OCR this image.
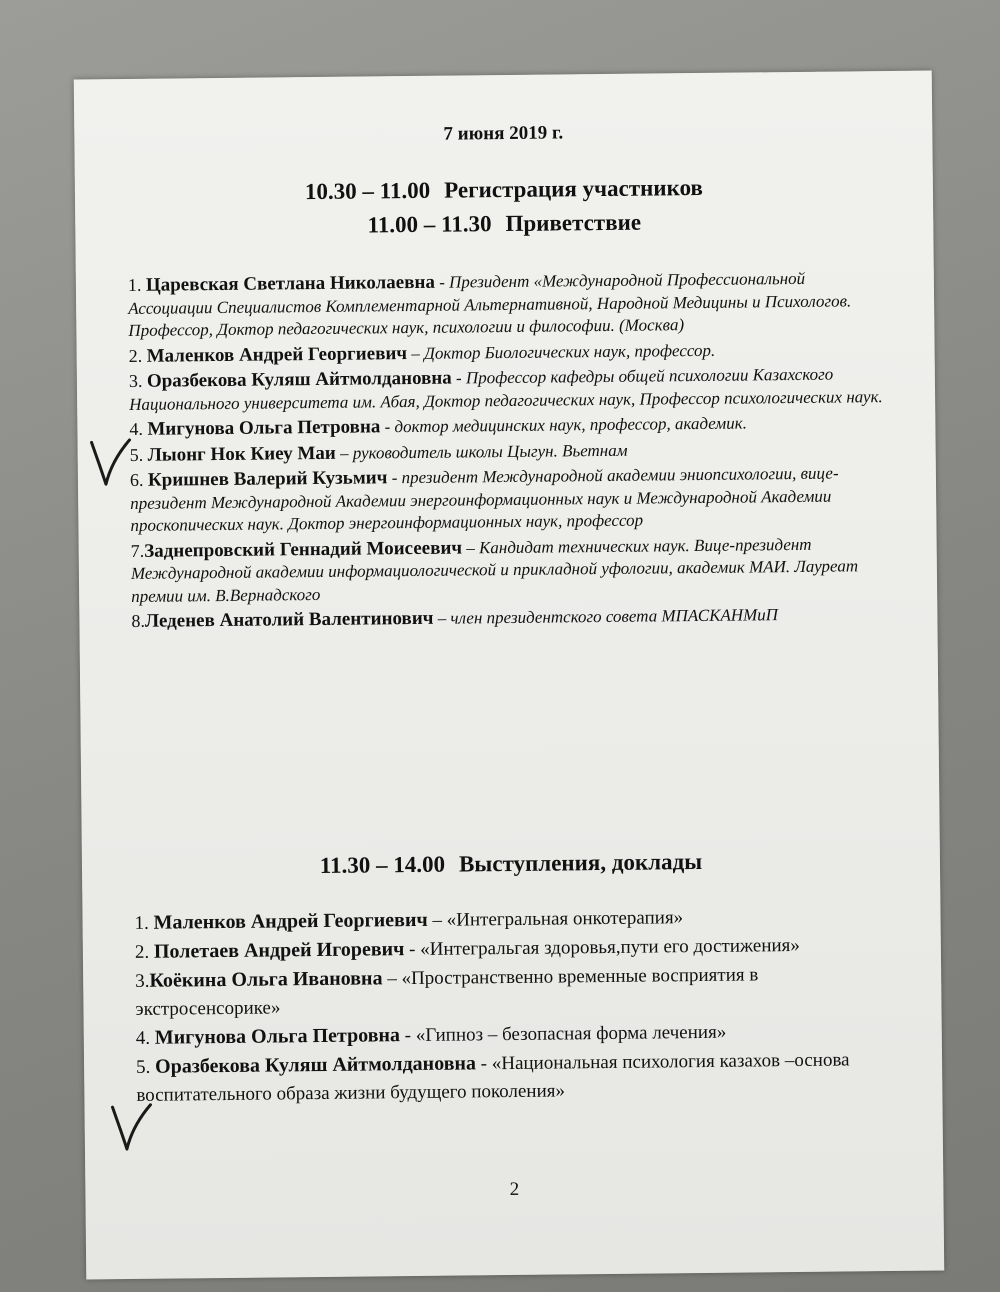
7 июня 2019 г.
10.30 – 11.00 Регистрация участников
11.00 – 11.30 Приветствие

1. Царевская Светлана Николаевна - Президент «Международной Профессиональной Ассоциации Специалистов Комплементарной Альтернативной, Народной Медицины и Психологов. Профессор, Доктор педагогических наук, психологии и философии. (Москва)

2. Маленков Андрей Георгиевич – Доктор Биологических наук, профессор.

3. Оразбекова Куляш Айтмолдановна - Профессор кафедры общей психологии Казахского Национального университета им. Абая, Доктор педагогических наук, Профессор психологических наук.

4. Мигунова Ольга Петровна - доктор медицинских наук, профессор, академик.

5. Лыонг Нок Киеу Маи – руководитель школы Цыгун. Вьетнам

6. Кришнев Валерий Кузьмич - президент Международной академии эниопсихологии, вице-президент Международной Академии энергоинформационных наук и Международной Академии проскопических наук. Доктор энергоинформационных наук, профессор

7.Заднепровский Геннадий Моисеевич – Кандидат технических наук. Вице-президент Международной академии информациологической и прикладной уфологии, академик МАИ. Лауреат премии им. В.Вернадского

8.Леденев Анатолий Валентинович – член президентского совета МПАСКАНМиП

11.30 – 14.00 Выступления, доклады

1. Маленков Андрей Георгиевич – «Интегральная онкотерапия»

2. Полетаев Андрей Игоревич - «Интегральгая здоровья,пути его достижения»

3.Коёкина Ольга Ивановна – «Пространственно временные восприятия в экстросенсорике»

4. Мигунова Ольга Петровна - «Гипноз – безопасная форма лечения»

5. Оразбекова Куляш Айтмолдановна - «Национальная психология казахов –основа воспитательного образа жизни будущего поколения»

2
